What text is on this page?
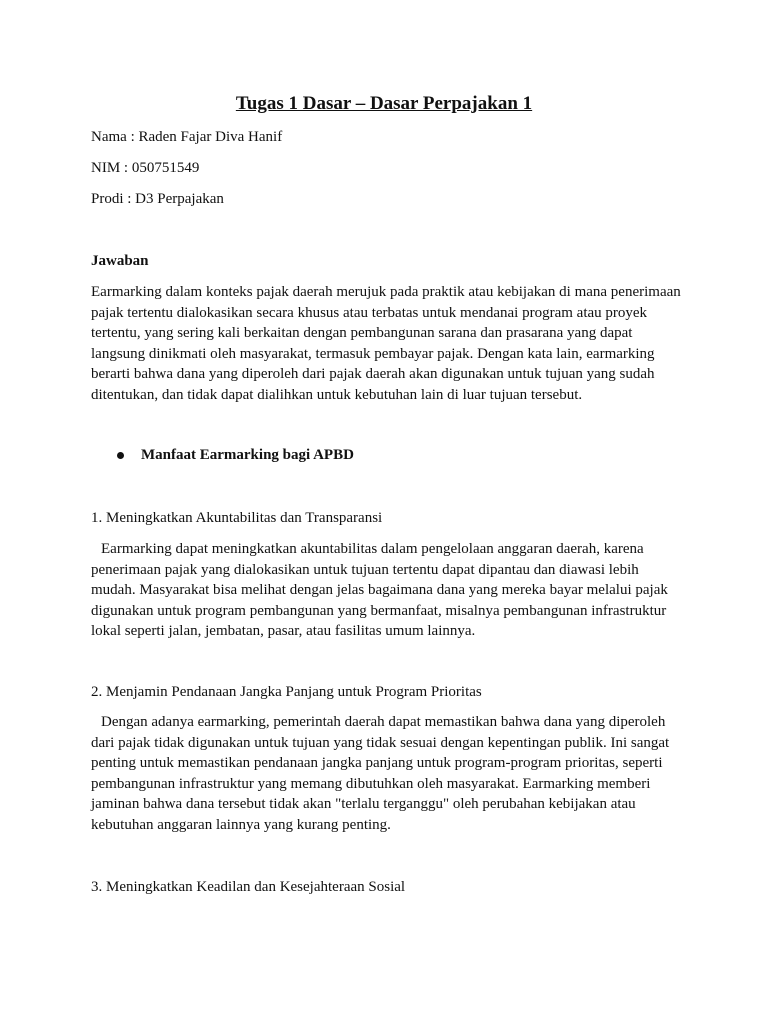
Tugas 1 Dasar – Dasar Perpajakan 1

Nama : Raden Fajar Diva Hanif

NIM : 050751549

Prodi : D3 Perpajakan

Jawaban

Earmarking dalam konteks pajak daerah merujuk pada praktik atau kebijakan di mana penerimaan pajak tertentu dialokasikan secara khusus atau terbatas untuk mendanai program atau proyek tertentu, yang sering kali berkaitan dengan pembangunan sarana dan prasarana yang dapat langsung dinikmati oleh masyarakat, termasuk pembayar pajak. Dengan kata lain, earmarking berarti bahwa dana yang diperoleh dari pajak daerah akan digunakan untuk tujuan yang sudah ditentukan, dan tidak dapat dialihkan untuk kebutuhan lain di luar tujuan tersebut.

Manfaat Earmarking bagi APBD

1. Meningkatkan Akuntabilitas dan Transparansi

Earmarking dapat meningkatkan akuntabilitas dalam pengelolaan anggaran daerah, karena penerimaan pajak yang dialokasikan untuk tujuan tertentu dapat dipantau dan diawasi lebih mudah. Masyarakat bisa melihat dengan jelas bagaimana dana yang mereka bayar melalui pajak digunakan untuk program pembangunan yang bermanfaat, misalnya pembangunan infrastruktur lokal seperti jalan, jembatan, pasar, atau fasilitas umum lainnya.

2. Menjamin Pendanaan Jangka Panjang untuk Program Prioritas

Dengan adanya earmarking, pemerintah daerah dapat memastikan bahwa dana yang diperoleh dari pajak tidak digunakan untuk tujuan yang tidak sesuai dengan kepentingan publik. Ini sangat penting untuk memastikan pendanaan jangka panjang untuk program-program prioritas, seperti pembangunan infrastruktur yang memang dibutuhkan oleh masyarakat. Earmarking memberi jaminan bahwa dana tersebut tidak akan "terlalu terganggu" oleh perubahan kebijakan atau kebutuhan anggaran lainnya yang kurang penting.

3. Meningkatkan Keadilan dan Kesejahteraan Sosial
